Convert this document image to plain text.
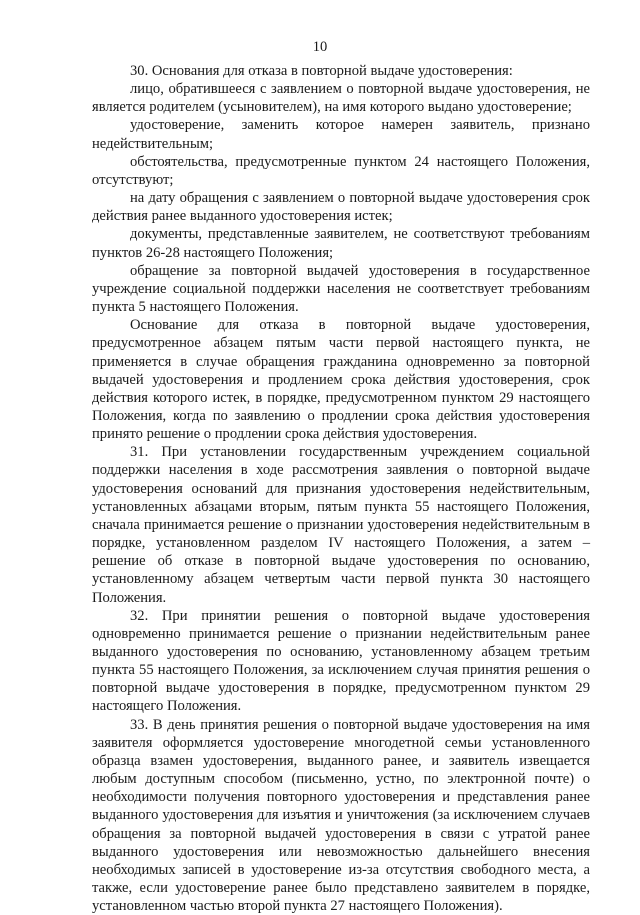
10

30. Основания для отказа в повторной выдаче удостоверения:

лицо, обратившееся с заявлением о повторной выдаче удостоверения, не является родителем (усыновителем), на имя которого выдано удостоверение;

удостоверение, заменить которое намерен заявитель, признано недействительным;

обстоятельства, предусмотренные пунктом 24 настоящего Положения, отсутствуют;

на дату обращения с заявлением о повторной выдаче удостоверения срок действия ранее выданного удостоверения истек;

документы, представленные заявителем, не соответствуют требованиям пунктов 26-28 настоящего Положения;

обращение за повторной выдачей удостоверения в государственное учреждение социальной поддержки населения не соответствует требованиям пункта 5 настоящего Положения.

Основание для отказа в повторной выдаче удостоверения, предусмотренное абзацем пятым части первой настоящего пункта, не применяется в случае обращения гражданина одновременно за повторной выдачей удостоверения и продлением срока действия удостоверения, срок действия которого истек, в порядке, предусмотренном пунктом 29 настоящего Положения, когда по заявлению о продлении срока действия удостоверения принято решение о продлении срока действия удостоверения.

31. При установлении государственным учреждением социальной поддержки населения в ходе рассмотрения заявления о повторной выдаче удостоверения оснований для признания удостоверения недействительным, установленных абзацами вторым, пятым пункта 55 настоящего Положения, сначала принимается решение о признании удостоверения недействительным в порядке, установленном разделом IV настоящего Положения, а затем – решение об отказе в повторной выдаче удостоверения по основанию, установленному абзацем четвертым части первой пункта 30 настоящего Положения.

32. При принятии решения о повторной выдаче удостоверения одновременно принимается решение о признании недействительным ранее выданного удостоверения по основанию, установленному абзацем третьим пункта 55 настоящего Положения, за исключением случая принятия решения о повторной выдаче удостоверения в порядке, предусмотренном пунктом 29 настоящего Положения.

33. В день принятия решения о повторной выдаче удостоверения на имя заявителя оформляется удостоверение многодетной семьи установленного образца взамен удостоверения, выданного ранее, и заявитель извещается любым доступным способом (письменно, устно, по электронной почте) о необходимости получения повторного удостоверения и представления ранее выданного удостоверения для изъятия и уничтожения (за исключением случаев обращения за повторной выдачей удостоверения в связи с утратой ранее выданного удостоверения или невозможностью дальнейшего внесения необходимых записей в удостоверение из-за отсутствия свободного места, а также, если удостоверение ранее было представлено заявителем в порядке, установленном частью второй пункта 27 настоящего Положения).
